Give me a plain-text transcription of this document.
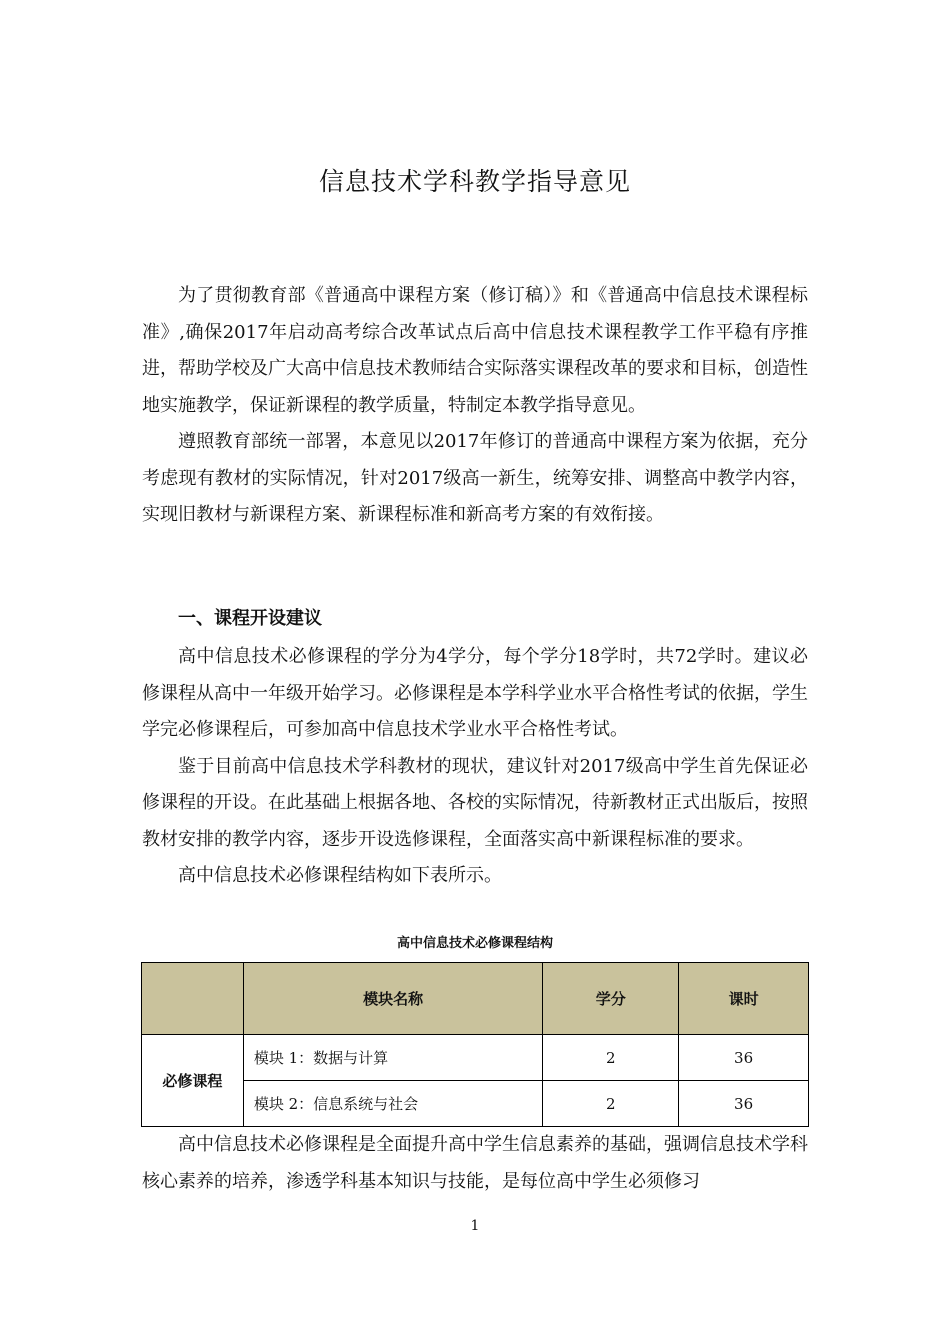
信息技术学科教学指导意见

为了贯彻教育部《普通高中课程方案（修订稿）》和《普通高中信息技术课程标准》,确保2017年启动高考综合改革试点后高中信息技术课程教学工作平稳有序推进，帮助学校及广大高中信息技术教师结合实际落实课程改革的要求和目标，创造性地实施教学，保证新课程的教学质量，特制定本教学指导意见。

遵照教育部统一部署，本意见以2017年修订的普通高中课程方案为依据，充分考虑现有教材的实际情况，针对2017级高一新生，统筹安排、调整高中教学内容，实现旧教材与新课程方案、新课程标准和新高考方案的有效衔接。

一、课程开设建议

高中信息技术必修课程的学分为4学分，每个学分18学时，共72学时。建议必修课程从高中一年级开始学习。必修课程是本学科学业水平合格性考试的依据，学生学完必修课程后，可参加高中信息技术学业水平合格性考试。

鉴于目前高中信息技术学科教材的现状，建议针对2017级高中学生首先保证必修课程的开设。在此基础上根据各地、各校的实际情况，待新教材正式出版后，按照教材安排的教学内容，逐步开设选修课程，全面落实高中新课程标准的要求。

高中信息技术必修课程结构如下表所示。

高中信息技术必修课程结构

	模块名称	学分	课时
必修课程	模块 1：数据与计算	2	36
	模块 2：信息系统与社会	2	36

高中信息技术必修课程是全面提升高中学生信息素养的基础，强调信息技术学科核心素养的培养，渗透学科基本知识与技能，是每位高中学生必须修习

1
